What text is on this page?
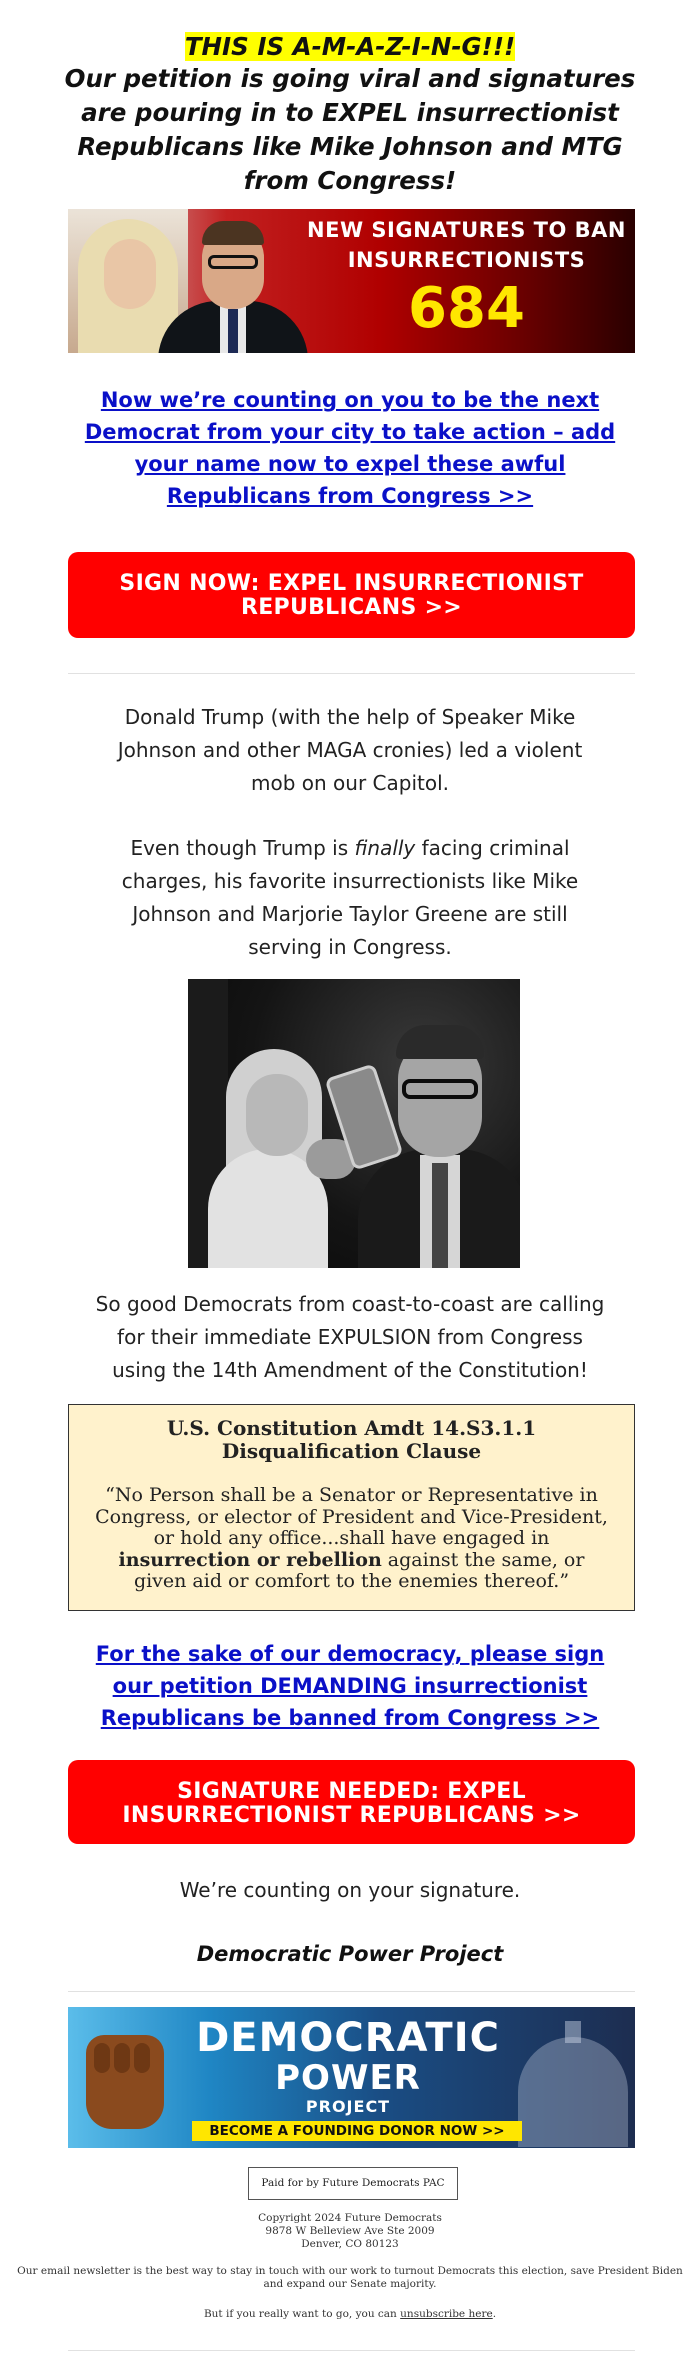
THIS IS A-M-A-Z-I-N-G!!!
Our petition is going viral and signatures
are pouring in to EXPEL insurrectionist
Republicans like Mike Johnson and MTG
from Congress!
NEW SIGNATURES TO BAN
INSURRECTIONISTS
684
Now we’re counting on you to be the next
Democrat from your city to take action – add
your name now to expel these awful
Republicans from Congress >>
SIGN NOW: EXPEL INSURRECTIONIST
REPUBLICANS >>
Donald Trump (with the help of Speaker Mike
Johnson and other MAGA cronies) led a violent
mob on our Capitol.
Even though Trump is finally facing criminal
charges, his favorite insurrectionists like Mike
Johnson and Marjorie Taylor Greene are still
serving in Congress.
So good Democrats from coast-to-coast are calling
for their immediate EXPULSION from Congress
using the 14th Amendment of the Constitution!
U.S. Constitution Amdt 14.S3.1.1
Disqualification Clause
“No Person shall be a Senator or Representative in
Congress, or elector of President and Vice-President,
or hold any office...shall have engaged in
insurrection or rebellion against the same, or
given aid or comfort to the enemies thereof.”
For the sake of our democracy, please sign
our petition DEMANDING insurrectionist
Republicans be banned from Congress >>
SIGNATURE NEEDED: EXPEL
INSURRECTIONIST REPUBLICANS >>
We’re counting on your signature.
Democratic Power Project
DEMOCRATIC
POWER
PROJECT
BECOME A FOUNDING DONOR NOW >>
Paid for by Future Democrats PAC
Copyright 2024 Future Democrats
9878 W Belleview Ave Ste 2009
Denver, CO 80123
Our email newsletter is the best way to stay in touch with our work to turnout Democrats this election, save President Biden
and expand our Senate majority.
But if you really want to go, you can unsubscribe here.
